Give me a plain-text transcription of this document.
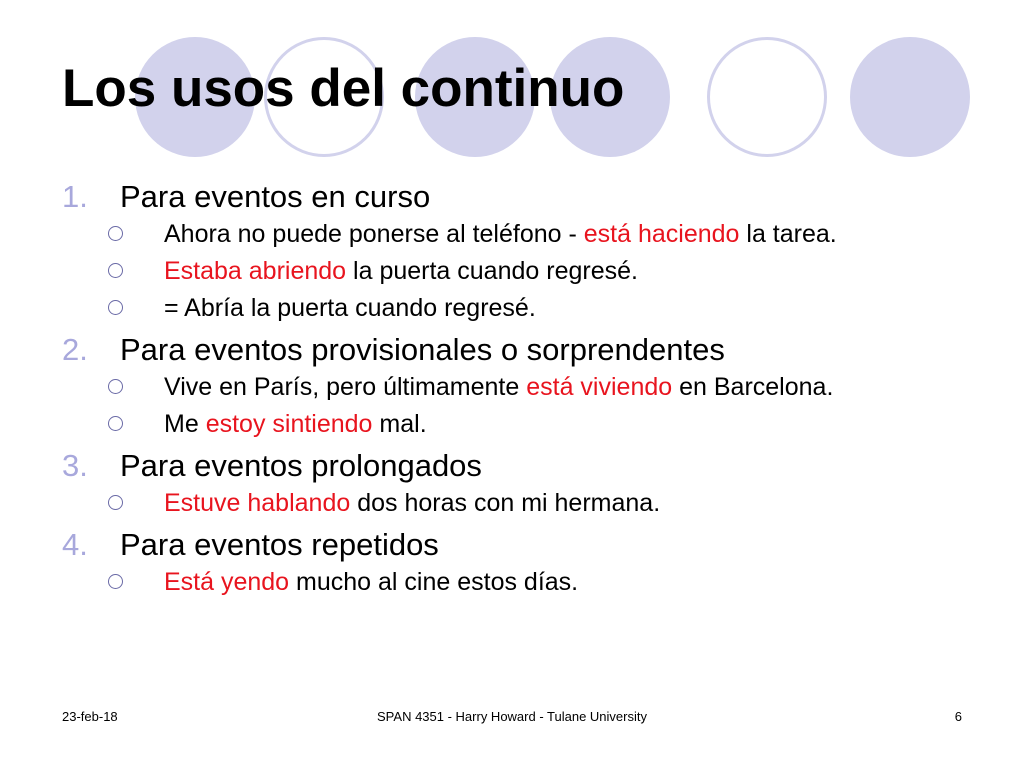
Los usos del continuo
1. Para eventos en curso
Ahora no puede ponerse al teléfono - está haciendo la tarea.
Estaba abriendo la puerta cuando regresé.
= Abría la puerta cuando regresé.
2. Para eventos provisionales o sorprendentes
Vive en París, pero últimamente está viviendo en Barcelona.
Me estoy sintiendo mal.
3. Para eventos prolongados
Estuve hablando dos horas con mi hermana.
4. Para eventos repetidos
Está yendo mucho al cine estos días.
23-feb-18	SPAN 4351 - Harry Howard - Tulane University	6
